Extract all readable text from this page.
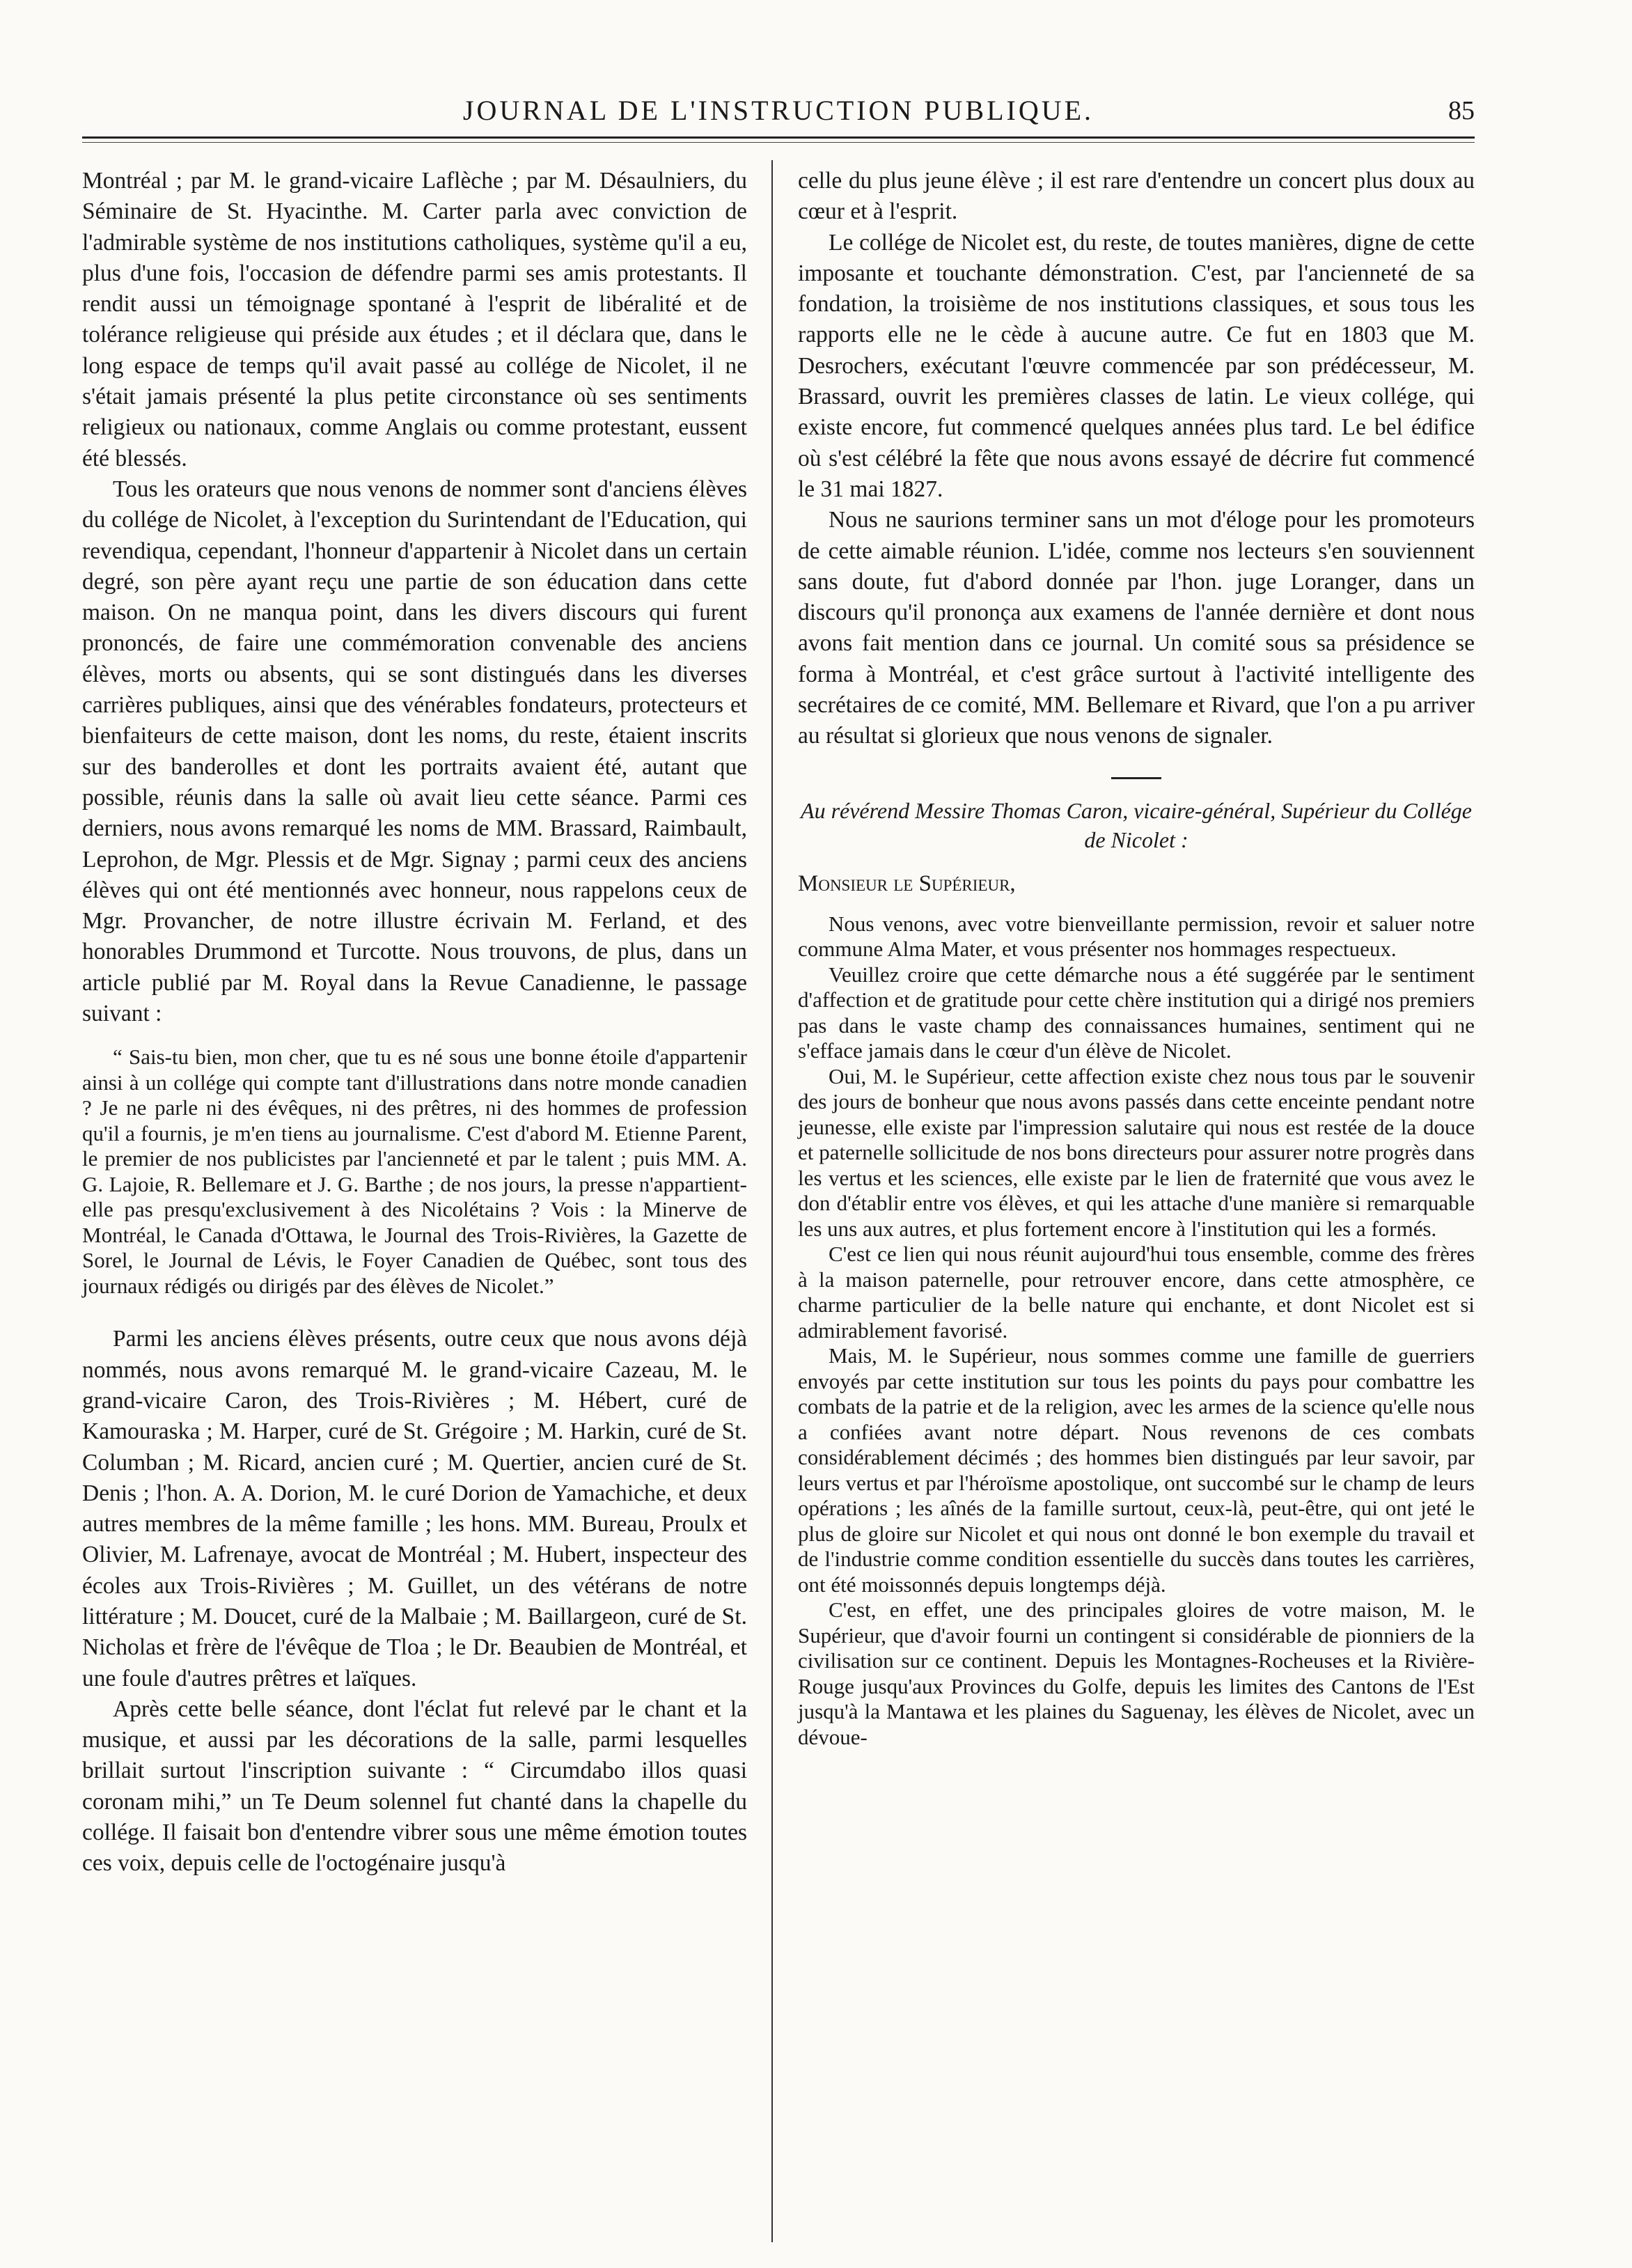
JOURNAL DE L'INSTRUCTION PUBLIQUE.	85

Montréal ; par M. le grand-vicaire Laflèche ; par M. Désaulniers, du Séminaire de St. Hyacinthe. M. Carter parla avec conviction de l'admirable système de nos institutions catholiques, système qu'il a eu, plus d'une fois, l'occasion de défendre parmi ses amis protestants. Il rendit aussi un témoignage spontané à l'esprit de libéralité et de tolérance religieuse qui préside aux études ; et il déclara que, dans le long espace de temps qu'il avait passé au collége de Nicolet, il ne s'était jamais présenté la plus petite circonstance où ses sentiments religieux ou nationaux, comme Anglais ou comme protestant, eussent été blessés.

Tous les orateurs que nous venons de nommer sont d'anciens élèves du collége de Nicolet, à l'exception du Surintendant de l'Education, qui revendiqua, cependant, l'honneur d'appartenir à Nicolet dans un certain degré, son père ayant reçu une partie de son éducation dans cette maison. On ne manqua point, dans les divers discours qui furent prononcés, de faire une commémoration convenable des anciens élèves, morts ou absents, qui se sont distingués dans les diverses carrières publiques, ainsi que des vénérables fondateurs, protecteurs et bienfaiteurs de cette maison, dont les noms, du reste, étaient inscrits sur des banderolles et dont les portraits avaient été, autant que possible, réunis dans la salle où avait lieu cette séance. Parmi ces derniers, nous avons remarqué les noms de MM. Brassard, Raimbault, Leprohon, de Mgr. Plessis et de Mgr. Signay ; parmi ceux des anciens élèves qui ont été mentionnés avec honneur, nous rappelons ceux de Mgr. Provancher, de notre illustre écrivain M. Ferland, et des honorables Drummond et Turcotte. Nous trouvons, de plus, dans un article publié par M. Royal dans la Revue Canadienne, le passage suivant :

“ Sais-tu bien, mon cher, que tu es né sous une bonne étoile d'appartenir ainsi à un collége qui compte tant d'illustrations dans notre monde canadien ? Je ne parle ni des évêques, ni des prêtres, ni des hommes de profession qu'il a fournis, je m'en tiens au journalisme. C'est d'abord M. Etienne Parent, le premier de nos publicistes par l'ancienneté et par le talent ; puis MM. A. G. Lajoie, R. Bellemare et J. G. Barthe ; de nos jours, la presse n'appartient-elle pas presqu'exclusivement à des Nicolétains ? Vois : la Minerve de Montréal, le Canada d'Ottawa, le Journal des Trois-Rivières, la Gazette de Sorel, le Journal de Lévis, le Foyer Canadien de Québec, sont tous des journaux rédigés ou dirigés par des élèves de Nicolet.”

Parmi les anciens élèves présents, outre ceux que nous avons déjà nommés, nous avons remarqué M. le grand-vicaire Cazeau, M. le grand-vicaire Caron, des Trois-Rivières ; M. Hébert, curé de Kamouraska ; M. Harper, curé de St. Grégoire ; M. Harkin, curé de St. Columban ; M. Ricard, ancien curé ; M. Quertier, ancien curé de St. Denis ; l'hon. A. A. Dorion, M. le curé Dorion de Yamachiche, et deux autres membres de la même famille ; les hons. MM. Bureau, Proulx et Olivier, M. Lafrenaye, avocat de Montréal ; M. Hubert, inspecteur des écoles aux Trois-Rivières ; M. Guillet, un des vétérans de notre littérature ; M. Doucet, curé de la Malbaie ; M. Baillargeon, curé de St. Nicholas et frère de l'évêque de Tloa ; le Dr. Beaubien de Montréal, et une foule d'autres prêtres et laïques.

Après cette belle séance, dont l'éclat fut relevé par le chant et la musique, et aussi par les décorations de la salle, parmi lesquelles brillait surtout l'inscription suivante : “ Circumdabo illos quasi coronam mihi,” un Te Deum solennel fut chanté dans la chapelle du collége. Il faisait bon d'entendre vibrer sous une même émotion toutes ces voix, depuis celle de l'octogénaire jusqu'à

celle du plus jeune élève ; il est rare d'entendre un concert plus doux au cœur et à l'esprit.

Le collége de Nicolet est, du reste, de toutes manières, digne de cette imposante et touchante démonstration. C'est, par l'ancienneté de sa fondation, la troisième de nos institutions classiques, et sous tous les rapports elle ne le cède à aucune autre. Ce fut en 1803 que M. Desrochers, exécutant l'œuvre commencée par son prédécesseur, M. Brassard, ouvrit les premières classes de latin. Le vieux collége, qui existe encore, fut commencé quelques années plus tard. Le bel édifice où s'est célébré la fête que nous avons essayé de décrire fut commencé le 31 mai 1827.

Nous ne saurions terminer sans un mot d'éloge pour les promoteurs de cette aimable réunion. L'idée, comme nos lecteurs s'en souviennent sans doute, fut d'abord donnée par l'hon. juge Loranger, dans un discours qu'il prononça aux examens de l'année dernière et dont nous avons fait mention dans ce journal. Un comité sous sa présidence se forma à Montréal, et c'est grâce surtout à l'activité intelligente des secrétaires de ce comité, MM. Bellemare et Rivard, que l'on a pu arriver au résultat si glorieux que nous venons de signaler.

Au révérend Messire Thomas Caron, vicaire-général, Supérieur du Collége de Nicolet :

Monsieur le Supérieur,

Nous venons, avec votre bienveillante permission, revoir et saluer notre commune Alma Mater, et vous présenter nos hommages respectueux.

Veuillez croire que cette démarche nous a été suggérée par le sentiment d'affection et de gratitude pour cette chère institution qui a dirigé nos premiers pas dans le vaste champ des connaissances humaines, sentiment qui ne s'efface jamais dans le cœur d'un élève de Nicolet.

Oui, M. le Supérieur, cette affection existe chez nous tous par le souvenir des jours de bonheur que nous avons passés dans cette enceinte pendant notre jeunesse, elle existe par l'impression salutaire qui nous est restée de la douce et paternelle sollicitude de nos bons directeurs pour assurer notre progrès dans les vertus et les sciences, elle existe par le lien de fraternité que vous avez le don d'établir entre vos élèves, et qui les attache d'une manière si remarquable les uns aux autres, et plus fortement encore à l'institution qui les a formés.

C'est ce lien qui nous réunit aujourd'hui tous ensemble, comme des frères à la maison paternelle, pour retrouver encore, dans cette atmosphère, ce charme particulier de la belle nature qui enchante, et dont Nicolet est si admirablement favorisé.

Mais, M. le Supérieur, nous sommes comme une famille de guerriers envoyés par cette institution sur tous les points du pays pour combattre les combats de la patrie et de la religion, avec les armes de la science qu'elle nous a confiées avant notre départ. Nous revenons de ces combats considérablement décimés ; des hommes bien distingués par leur savoir, par leurs vertus et par l'héroïsme apostolique, ont succombé sur le champ de leurs opérations ; les aînés de la famille surtout, ceux-là, peut-être, qui ont jeté le plus de gloire sur Nicolet et qui nous ont donné le bon exemple du travail et de l'industrie comme condition essentielle du succès dans toutes les carrières, ont été moissonnés depuis longtemps déjà.

C'est, en effet, une des principales gloires de votre maison, M. le Supérieur, que d'avoir fourni un contingent si considérable de pionniers de la civilisation sur ce continent. Depuis les Montagnes-Rocheuses et la Rivière-Rouge jusqu'aux Provinces du Golfe, depuis les limites des Cantons de l'Est jusqu'à la Mantawa et les plaines du Saguenay, les élèves de Nicolet, avec un dévoue-
